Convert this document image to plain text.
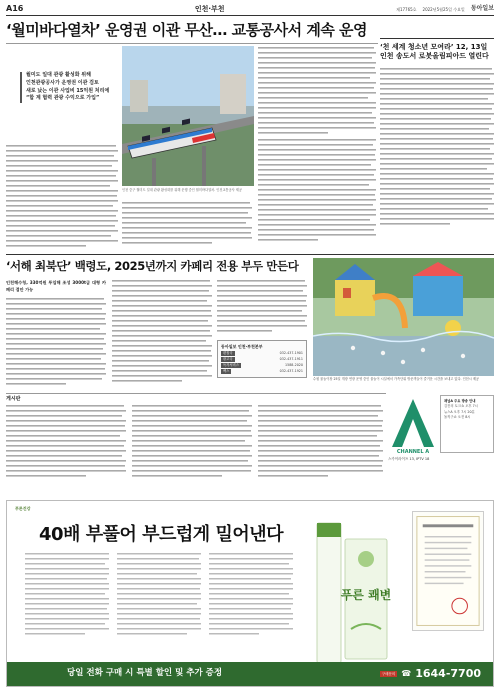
A16	인천·부천	제17765호 2022년5월25일 수요일 동아일보
‘월미바다열차’ 운영권 이관 무산… 교통공사서 계속 운영
월미도 일대 관광 활성화 위해
인천관광공사가 운영권 이관 검토
새로 났는 이관 사업비 15억원 처리에
“합 계 협력 관광 수익으로 가입”
인천 중구 월미도 일대 관광 활성화를 위해 운행 중인 월미바다열차. 인천교통공사 제공
‘천 세계 청소년 모여라’ 12, 13일 인천 송도서 로봇올림피아드 열린다
‘서해 최북단’ 백령도, 2025년까지 카페리 전용 부두 만든다
인천해수청, 330억원 투입해 조성 3000t급 대형 카페리 접안 가능
동아일보 인천·부천본부
편집국	032-437-1901
광고국	032-437-1911
독자서비스	1588-2020
팩스	032-437-1921
수원 물놀이장 25일 개장 연장 운영 중인 물놀이 시설에서 가족단위 방문객들이 즐거운 시간을 보내고 있다. 인천시 제공
게시판
CHANNEL A
스카이라이프 13, IPTV 18
채널A 주요 방송 안내
김진의 토크쇼 오후 7시
뉴스A 오후 7시 20분
돌직구쇼 오전 8시
푸른건강
40배 부풀어 부드럽게 밀어낸다
푸른 쾌변
당일 전화 구매 시 특별 할인 및 추가 증정	구매문의 ☎ 1644-7700
